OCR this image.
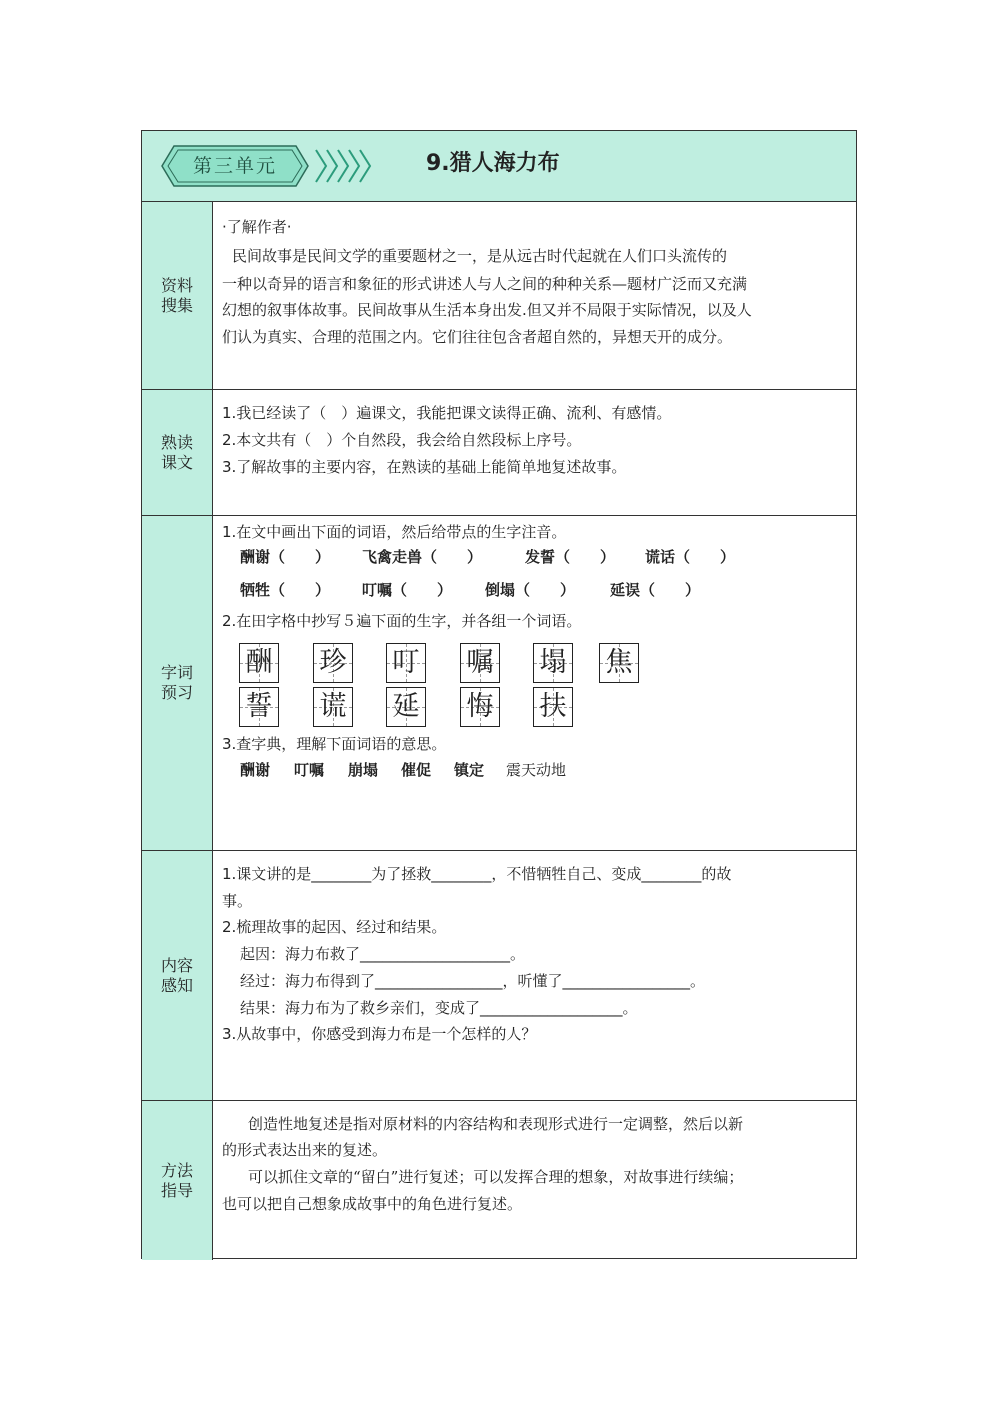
第三单元	9.猎人海力布
资料搜集
·了解作者·
民间故事是民间文学的重要题材之一，是从远古时代起就在人们口头流传的
一种以奇异的语言和象征的形式讲述人与人之间的种种关系—题材广泛而又充满
幻想的叙事体故事。民间故事从生活本身出发.但又并不局限于实际情况，以及人
们认为真实、合理的范围之内。它们往往包含者超自然的，异想天开的成分。
熟读课文
1.我已经读了（　）遍课文，我能把课文读得正确、流利、有感情。
2.本文共有（　）个自然段，我会给自然段标上序号。
3.了解故事的主要内容，在熟读的基础上能简单地复述故事。
字词预习
1.在文中画出下面的词语，然后给带点的生字注音。
酬谢（　　） 飞禽走兽（　　）	发誓（　　） 谎话（　　）
牺牲（　　） 叮嘱（　　） 倒塌（　　） 延误（　　）
2.在田字格中抄写５遍下面的生字，并各组一个词语。
酬 珍 叮 嘱 塌 焦
誓 谎 延 悔 扶
3.查字典，理解下面词语的意思。
酬谢 叮嘱 崩塌 催促 镇定 震天动地
内容感知
1.课文讲的是________为了拯救________，不惜牺牲自己、变成________的故
事。
2.梳理故事的起因、经过和结果。
起因：海力布救了____________________。
经过：海力布得到了_________________，听懂了_________________。
结果：海力布为了救乡亲们，变成了___________________。
3.从故事中，你感受到海力布是一个怎样的人？
方法指导
创造性地复述是指对原材料的内容结构和表现形式进行一定调整，然后以新
的形式表达出来的复述。
可以抓住文章的“留白”进行复述；可以发挥合理的想象，对故事进行续编；
也可以把自己想象成故事中的角色进行复述。
